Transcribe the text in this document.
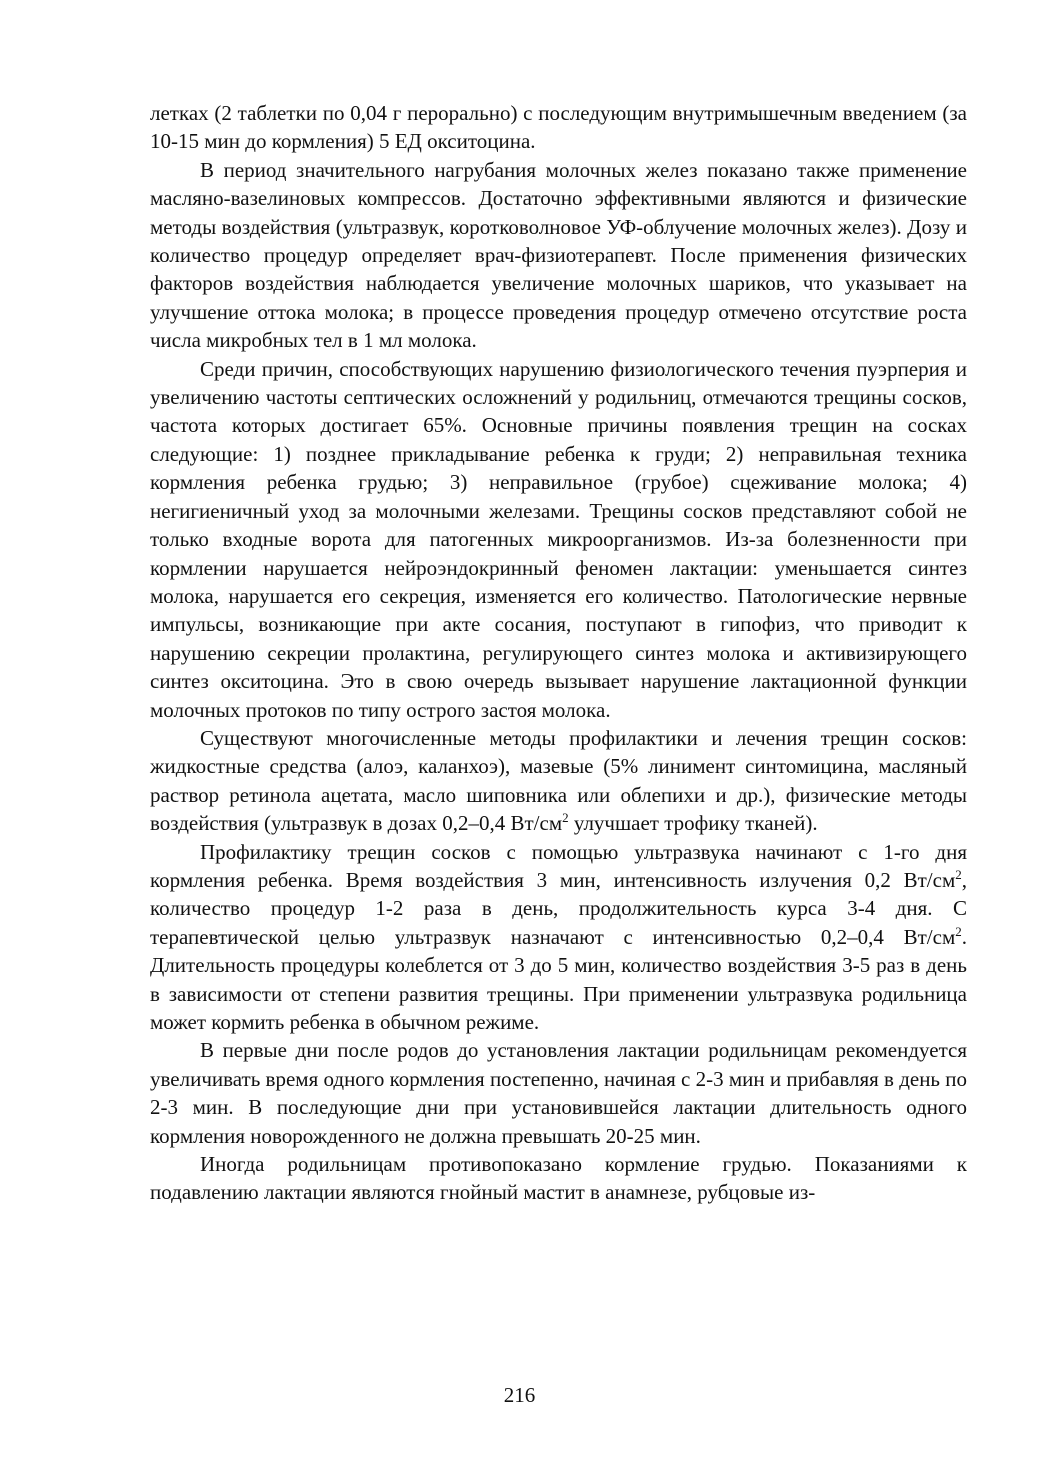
летках (2 таблетки по 0,04 г перорально) с последующим внутримышечным введением (за 10-15 мин до кормления) 5 ЕД окситоцина.

В период значительного нагрубания молочных желез показано также применение масляно-вазелиновых компрессов. Достаточно эффективными являются и физические методы воздействия (ультразвук, коротковолновое УФ-облучение молочных желез). Дозу и количество процедур определяет врач-физиотерапевт. После применения физических факторов воздействия наблюдается увеличение молочных шариков, что указывает на улучшение оттока молока; в процессе проведения процедур отмечено отсутствие роста числа микробных тел в 1 мл молока.

Среди причин, способствующих нарушению физиологического течения пуэрперия и увеличению частоты септических осложнений у родильниц, отмечаются трещины сосков, частота которых достигает 65%. Основные причины появления трещин на сосках следующие: 1) позднее прикладывание ребенка к груди; 2) неправильная техника кормления ребенка грудью; 3) неправильное (грубое) сцеживание молока; 4) негигиеничный уход за молочными железами. Трещины сосков представляют собой не только входные ворота для патогенных микроорганизмов. Из-за болезненности при кормлении нарушается нейроэндокринный феномен лактации: уменьшается синтез молока, нарушается его секреция, изменяется его количество. Патологические нервные импульсы, возникающие при акте сосания, поступают в гипофиз, что приводит к нарушению секреции пролактина, регулирующего синтез молока и активизирующего синтез окситоцина. Это в свою очередь вызывает нарушение лактационной функции молочных протоков по типу острого застоя молока.

Существуют многочисленные методы профилактики и лечения трещин сосков: жидкостные средства (алоэ, каланхоэ), мазевые (5% линимент синтомицина, масляный раствор ретинола ацетата, масло шиповника или облепихи и др.), физические методы воздействия (ультразвук в дозах 0,2–0,4 $Вт/см^2$ улучшает трофику тканей).

Профилактику трещин сосков с помощью ультразвука начинают с 1-го дня кормления ребенка. Время воздействия 3 мин, интенсивность излучения 0,2 $Вт/см^2$, количество процедур 1-2 раза в день, продолжительность курса 3-4 дня. С терапевтической целью ультразвук назначают с интенсивностью 0,2–0,4 $Вт/см^2$. Длительность процедуры колеблется от 3 до 5 мин, количество воздействия 3-5 раз в день в зависимости от степени развития трещины. При применении ультразвука родильница может кормить ребенка в обычном режиме.

В первые дни после родов до установления лактации родильницам рекомендуется увеличивать время одного кормления постепенно, начиная с 2-3 мин и прибавляя в день по 2-3 мин. В последующие дни при установившейся лактации длительность одного кормления новорожденного не должна превышать 20-25 мин.

Иногда родильницам противопоказано кормление грудью. Показаниями к подавлению лактации являются гнойный мастит в анамнезе, рубцовые из-

216
